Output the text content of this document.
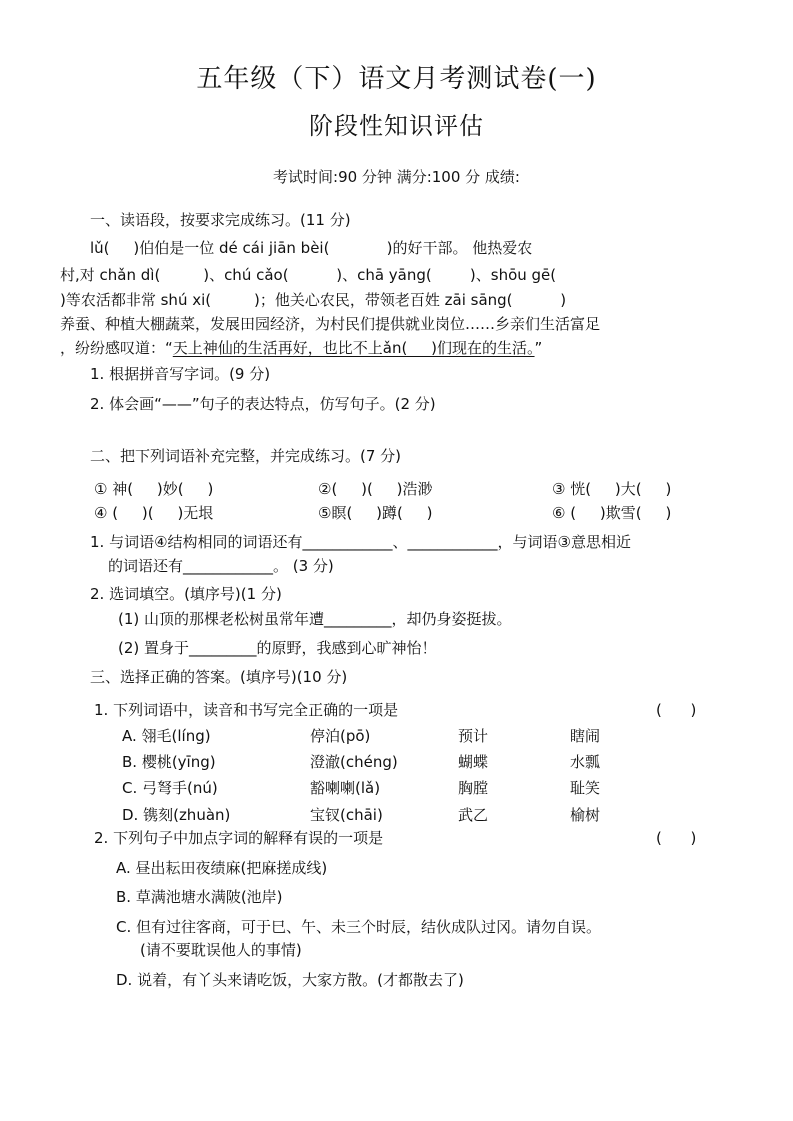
五年级（下）语文月考测试卷(一)
阶段性知识评估
考试时间:90 分钟 满分:100 分 成绩:
一、读语段，按要求完成练习。(11 分)
lǔ(     )伯伯是一位 dé cái jiān bèi(            )的好干部。 他热爱农
村,对 chǎn dì(         )、chú cǎo(          )、chā yāng(        )、shōu gē(
)等农活都非常 shú xi(         )；他关心农民，带领老百姓 zāi sāng(          )
养蚕、种植大棚蔬菜，发展田园经济，为村民们提供就业岗位……乡亲们生活富足
，纷纷感叹道：“天上神仙的生活再好，也比不上ǎn(     )们现在的生活。”
1. 根据拼音写字词。(9 分)
2. 体会画“——”句子的表达特点，仿写句子。(2 分)
二、把下列词语补充完整，并完成练习。(7 分)
① 神(     )妙(     )	②(     )(     )浩渺	③ 恍(     )大(     )
④ (     )(     )无垠	⑤瞑(     )蹲(     )	⑥ (     )欺雪(     )
1. 与词语④结构相同的词语还有____________、____________，与词语③意思相近
的词语还有____________。 (3 分)
2. 选词填空。(填序号)(1 分)
(1) 山顶的那棵老松树虽常年遭_________，却仍身姿挺拔。
(2) 置身于_________的原野，我感到心旷神怡！
三、选择正确的答案。(填序号)(10 分)
1. 下列词语中，读音和书写完全正确的一项是	(      )
A. 翎毛(líng)	停泊(pō)	预计	瞎闹
B. 樱桃(yīng)	澄澈(chéng)	蝴蝶	水瓢
C. 弓弩手(nú)	豁喇喇(lǎ)	胸膛	耻笑
D. 镌刻(zhuàn)	宝钗(chāi)	武乙	榆树
2. 下列句子中加点字词的解释有误的一项是	(      )
A. 昼出耘田夜绩麻(把麻搓成线)
B. 草满池塘水满陂(池岸)
C. 但有过往客商，可于巳、午、未三个时辰，结伙成队过冈。请勿自误。
(请不要耽误他人的事情)
D. 说着，有丫头来请吃饭，大家方散。(才都散去了)
